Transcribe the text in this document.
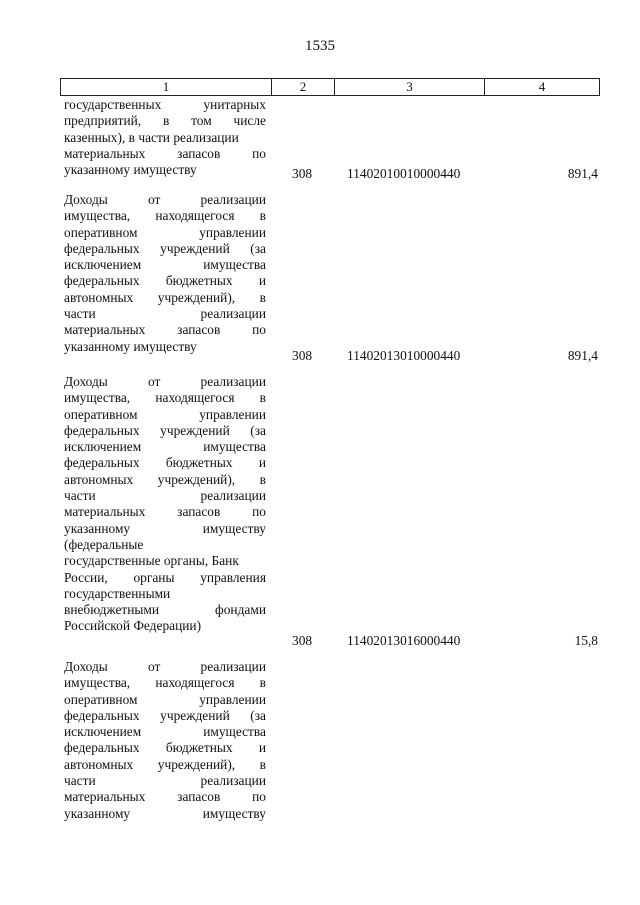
1535
1	2	3	4
государственных унитарных
предприятий, в том числе
казенных), в части реализации
материальных запасов по
указанному имуществу	308	11402010010000440	891,4
Доходы от реализации
имущества, находящегося в
оперативном управлении
федеральных учреждений (за
исключением имущества
федеральных бюджетных и
автономных учреждений), в
части реализации
материальных запасов по
указанному имуществу
308	11402013010000440	891,4
Доходы от реализации
имущества, находящегося в
оперативном управлении
федеральных учреждений (за
исключением имущества
федеральных бюджетных и
автономных учреждений), в
части реализации
материальных запасов по
указанному имуществу
(федеральные
государственные органы, Банк
России, органы управления
государственными
внебюджетными фондами
Российской Федерации)
308	11402013016000440	15,8
Доходы от реализации
имущества, находящегося в
оперативном управлении
федеральных учреждений (за
исключением имущества
федеральных бюджетных и
автономных учреждений), в
части реализации
материальных запасов по
указанному имуществу
